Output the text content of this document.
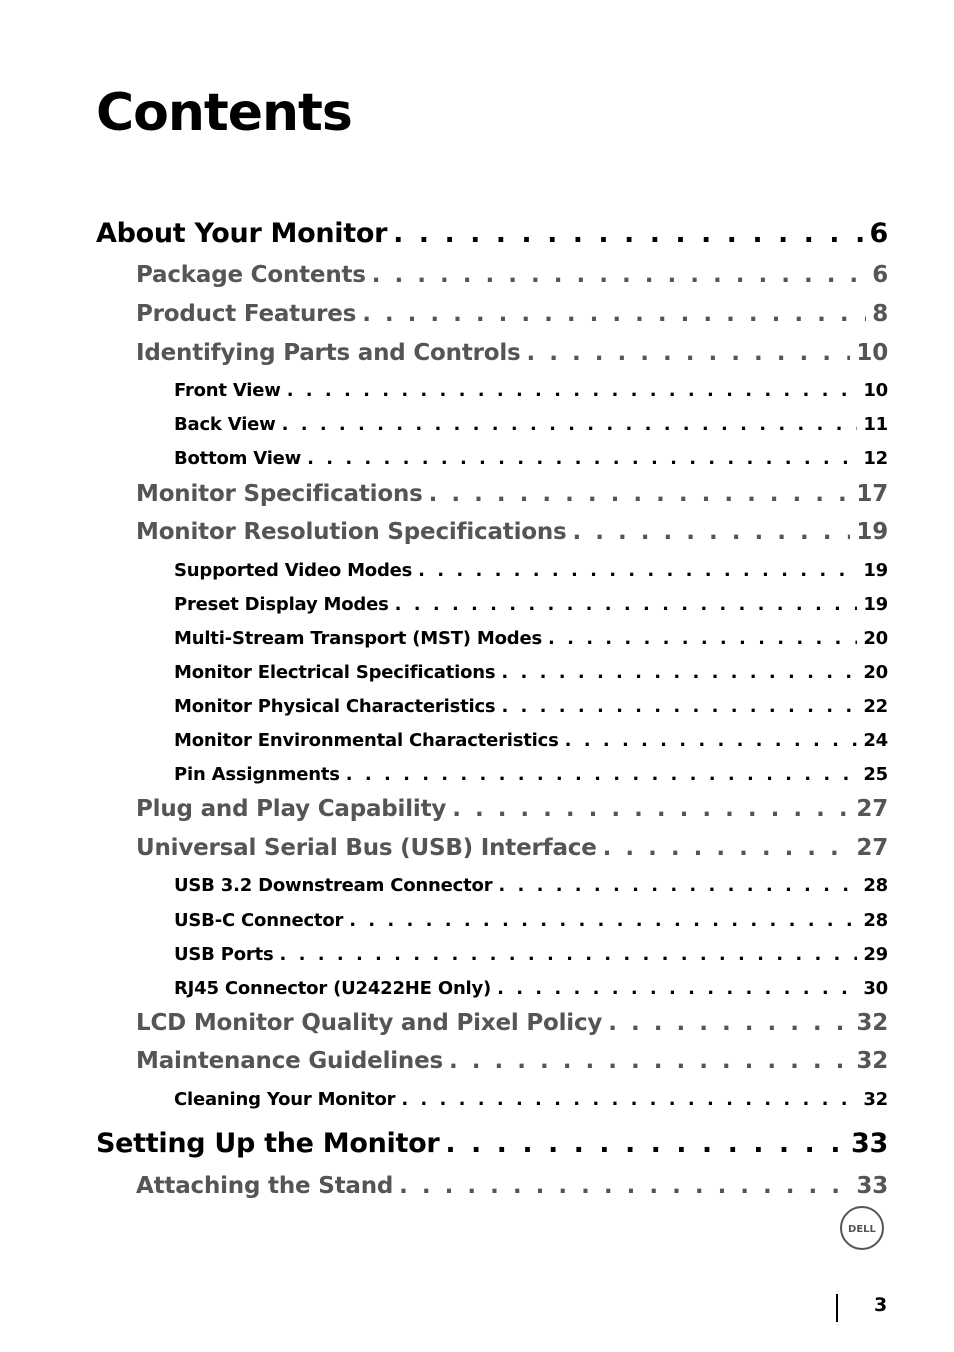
Contents
About Your Monitor . . .	6
Package Contents . . .	6
Product Features . . .	8
Identifying Parts and Controls . . .	10
Front View . . .	10
Back View . . .	11
Bottom View . . .	12
Monitor Specifications . . .	17
Monitor Resolution Specifications . . .	19
Supported Video Modes . . .	19
Preset Display Modes . . .	19
Multi-Stream Transport (MST) Modes . . .	20
Monitor Electrical Specifications . . .	20
Monitor Physical Characteristics . . .	22
Monitor Environmental Characteristics . . .	24
Pin Assignments . . .	25
Plug and Play Capability . . .	27
Universal Serial Bus (USB) Interface . . .	27
USB 3.2 Downstream Connector . . .	28
USB-C Connector . . .	28
USB Ports . . .	29
RJ45 Connector (U2422HE Only) . . .	30
LCD Monitor Quality and Pixel Policy . . .	32
Maintenance Guidelines . . .	32
Cleaning Your Monitor . . .	32
Setting Up the Monitor . . .	33
Attaching the Stand . . .	33
DELL
3
